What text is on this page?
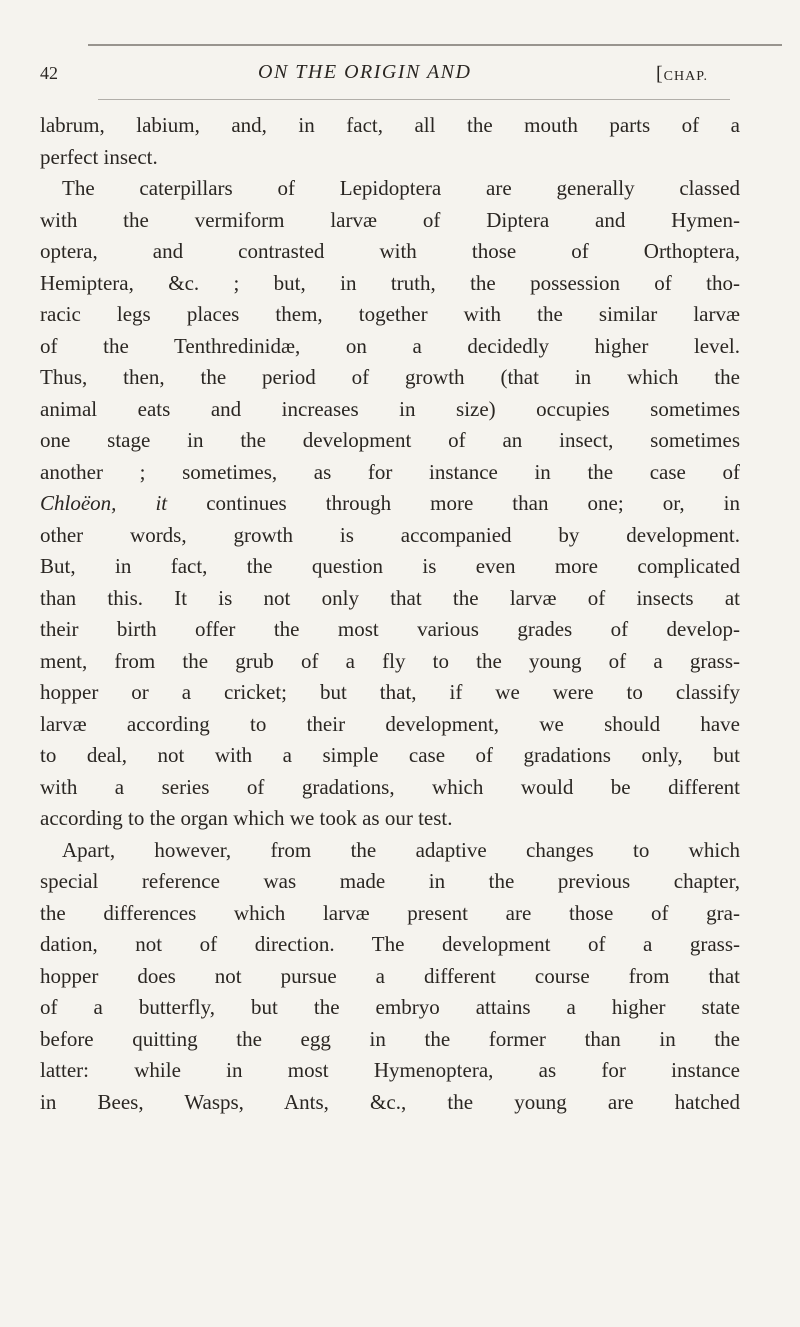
42	ON THE ORIGIN AND	[CHAP.
labrum, labium, and, in fact, all the mouth parts of a
perfect insect.
The caterpillars of Lepidoptera are generally classed
with the vermiform larvæ of Diptera and Hymen-
optera, and contrasted with those of Orthoptera,
Hemiptera, &c. ; but, in truth, the possession of tho-
racic legs places them, together with the similar larvæ
of the Tenthredinidæ, on a decidedly higher level.
Thus, then, the period of growth (that in which the
animal eats and increases in size) occupies sometimes
one stage in the development of an insect, sometimes
another ; sometimes, as for instance in the case of
Chloëon, it continues through more than one; or, in
other words, growth is accompanied by development.
But, in fact, the question is even more complicated
than this. It is not only that the larvæ of insects at
their birth offer the most various grades of develop-
ment, from the grub of a fly to the young of a grass-
hopper or a cricket; but that, if we were to classify
larvæ according to their development, we should have
to deal, not with a simple case of gradations only, but
with a series of gradations, which would be different
according to the organ which we took as our test.
Apart, however, from the adaptive changes to which
special reference was made in the previous chapter,
the differences which larvæ present are those of gra-
dation, not of direction. The development of a grass-
hopper does not pursue a different course from that
of a butterfly, but the embryo attains a higher state
before quitting the egg in the former than in the
latter: while in most Hymenoptera, as for instance
in Bees, Wasps, Ants, &c., the young are hatched
